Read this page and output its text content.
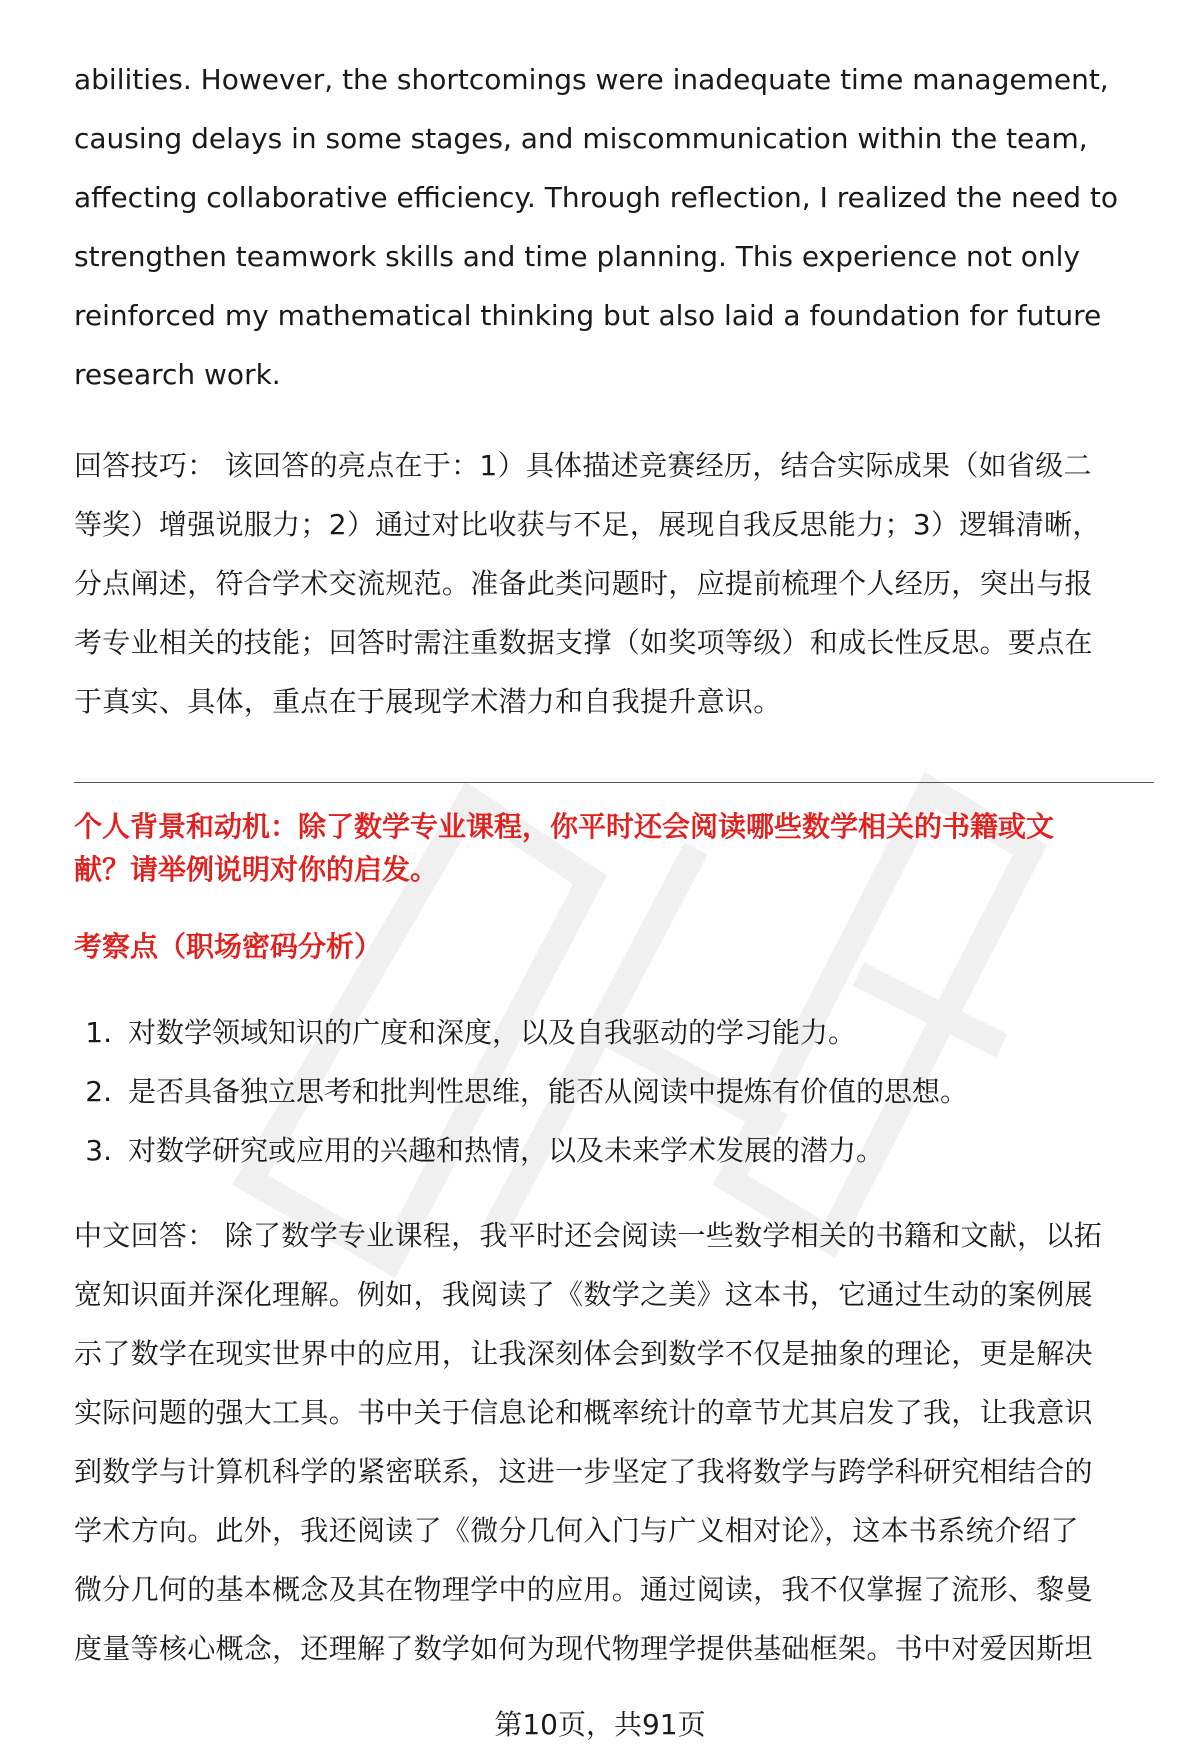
abilities. However, the shortcomings were inadequate time management,

causing delays in some stages, and miscommunication within the team,

affecting collaborative efficiency. Through reflection, I realized the need to

strengthen teamwork skills and time planning. This experience not only

reinforced my mathematical thinking but also laid a foundation for future

research work.

回答技巧： 该回答的亮点在于：1）具体描述竞赛经历，结合实际成果（如省级二

等奖）增强说服力；2）通过对比收获与不足，展现自我反思能力；3）逻辑清晰，

分点阐述，符合学术交流规范。准备此类问题时，应提前梳理个人经历，突出与报

考专业相关的技能；回答时需注重数据支撑（如奖项等级）和成长性反思。要点在

于真实、具体，重点在于展现学术潜力和自我提升意识。

个人背景和动机：除了数学专业课程，你平时还会阅读哪些数学相关的书籍或文
献？请举例说明对你的启发。
考察点（职场密码分析）
1. 对数学领域知识的广度和深度，以及自我驱动的学习能力。
2. 是否具备独立思考和批判性思维，能否从阅读中提炼有价值的思想。
3. 对数学研究或应用的兴趣和热情，以及未来学术发展的潜力。
中文回答： 除了数学专业课程，我平时还会阅读一些数学相关的书籍和文献，以拓
宽知识面并深化理解。例如，我阅读了《数学之美》这本书，它通过生动的案例展
示了数学在现实世界中的应用，让我深刻体会到数学不仅是抽象的理论，更是解决
实际问题的强大工具。书中关于信息论和概率统计的章节尤其启发了我，让我意识
到数学与计算机科学的紧密联系，这进一步坚定了我将数学与跨学科研究相结合的
学术方向。此外，我还阅读了《微分几何入门与广义相对论》，这本书系统介绍了
微分几何的基本概念及其在物理学中的应用。通过阅读，我不仅掌握了流形、黎曼
度量等核心概念，还理解了数学如何为现代物理学提供基础框架。书中对爱因斯坦
第10页，共91页
